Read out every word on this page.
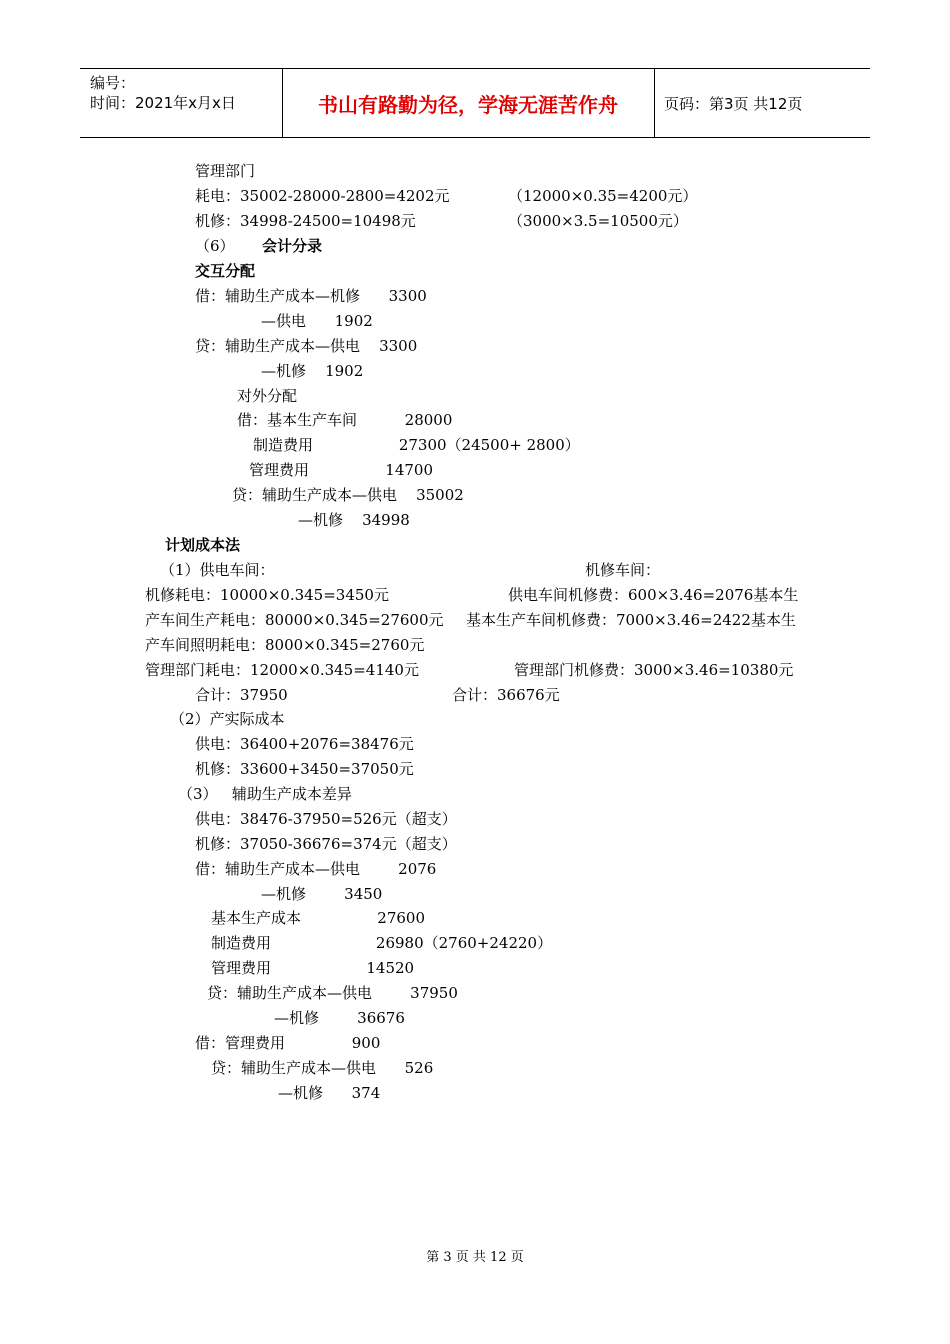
编号：
时间：2021年x月x日	书山有路勤为径，学海无涯苦作舟	页码：第3页 共12页
管理部门
耗电：35002-28000-2800=4202元	（12000×0.35=4200元）
机修：34998-24500=10498元	（3000×3.5=10500元）
（6） 会计分录
交互分配
借：辅助生产成本—机修      3300
—供电      1902
贷：辅助生产成本—供电    3300
—机修    1902
对外分配
借：基本生产车间          28000
制造费用                  27300（24500+ 2800）
管理费用                14700
贷：辅助生产成本—供电    35002
—机修    34998
计划成本法
（1）供电车间：	机修车间：
机修耗电：10000×0.345=3450元	供电车间机修费：600×3.46=2076基本生
产车间生产耗电：80000×0.345=27600元 基本生产车间机修费：7000×3.46=2422基本生
产车间照明耗电：8000×0.345=2760元
管理部门耗电：12000×0.345=4140元	管理部门机修费：3000×3.46=10380元
合计：37950	合计：36676元
（2）产实际成本
供电：36400+2076=38476元
机修：33600+3450=37050元
（3）   辅助生产成本差异
供电：38476-37950=526元（超支）
机修：37050-36676=374元（超支）
借：辅助生产成本—供电        2076
—机修        3450
基本生产成本                27600
制造费用                      26980（2760+24220）
管理费用                    14520
贷：辅助生产成本—供电        37950
—机修        36676
借：管理费用              900
贷：辅助生产成本—供电      526
—机修      374
第 3 页 共 12 页
